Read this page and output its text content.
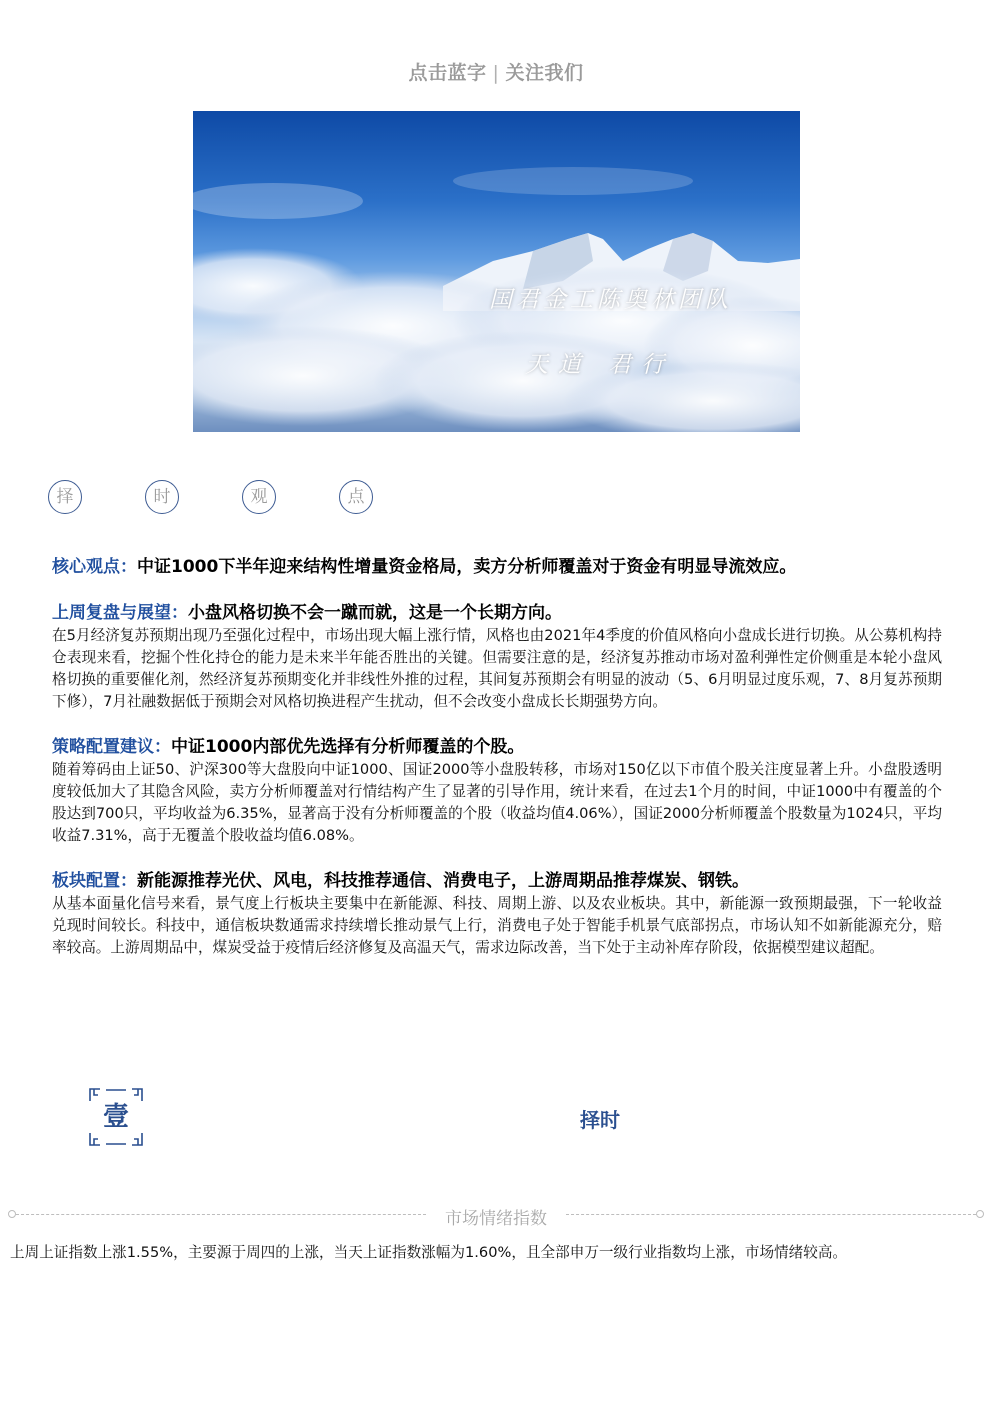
点击蓝字 | 关注我们
国君金工陈奥林团队
天道 君行
择	时	观	点
核心观点：中证1000下半年迎来结构性增量资金格局，卖方分析师覆盖对于资金有明显导流效应。
上周复盘与展望：小盘风格切换不会一蹴而就，这是一个长期方向。

在5月经济复苏预期出现乃至强化过程中，市场出现大幅上涨行情，风格也由2021年4季度的价值风格向小盘成长进行切换。从公募机构持仓表现来看，挖掘个性化持仓的能力是未来半年能否胜出的关键。但需要注意的是，经济复苏推动市场对盈利弹性定价侧重是本轮小盘风格切换的重要催化剂，然经济复苏预期变化并非线性外推的过程，其间复苏预期会有明显的波动（5、6月明显过度乐观，7、8月复苏预期下修），7月社融数据低于预期会对风格切换进程产生扰动，但不会改变小盘成长长期强势方向。

策略配置建议：中证1000内部优先选择有分析师覆盖的个股。

随着筹码由上证50、沪深300等大盘股向中证1000、国证2000等小盘股转移，市场对150亿以下市值个股关注度显著上升。小盘股透明度较低加大了其隐含风险，卖方分析师覆盖对行情结构产生了显著的引导作用，统计来看，在过去1个月的时间，中证1000中有覆盖的个股达到700只，平均收益为6.35%，显著高于没有分析师覆盖的个股（收益均值4.06%），国证2000分析师覆盖个股数量为1024只，平均收益7.31%，高于无覆盖个股收益均值6.08%。

板块配置：新能源推荐光伏、风电，科技推荐通信、消费电子，上游周期品推荐煤炭、钢铁。

从基本面量化信号来看，景气度上行板块主要集中在新能源、科技、周期上游、以及农业板块。其中，新能源一致预期最强，下一轮收益兑现时间较长。科技中，通信板块数通需求持续增长推动景气上行，消费电子处于智能手机景气底部拐点，市场认知不如新能源充分，赔率较高。上游周期品中，煤炭受益于疫情后经济修复及高温天气，需求边际改善，当下处于主动补库存阶段，依据模型建议超配。

壹	择时
市场情绪指数

上周上证指数上涨1.55%，主要源于周四的上涨，当天上证指数涨幅为1.60%，且全部申万一级行业指数均上涨，市场情绪较高。
